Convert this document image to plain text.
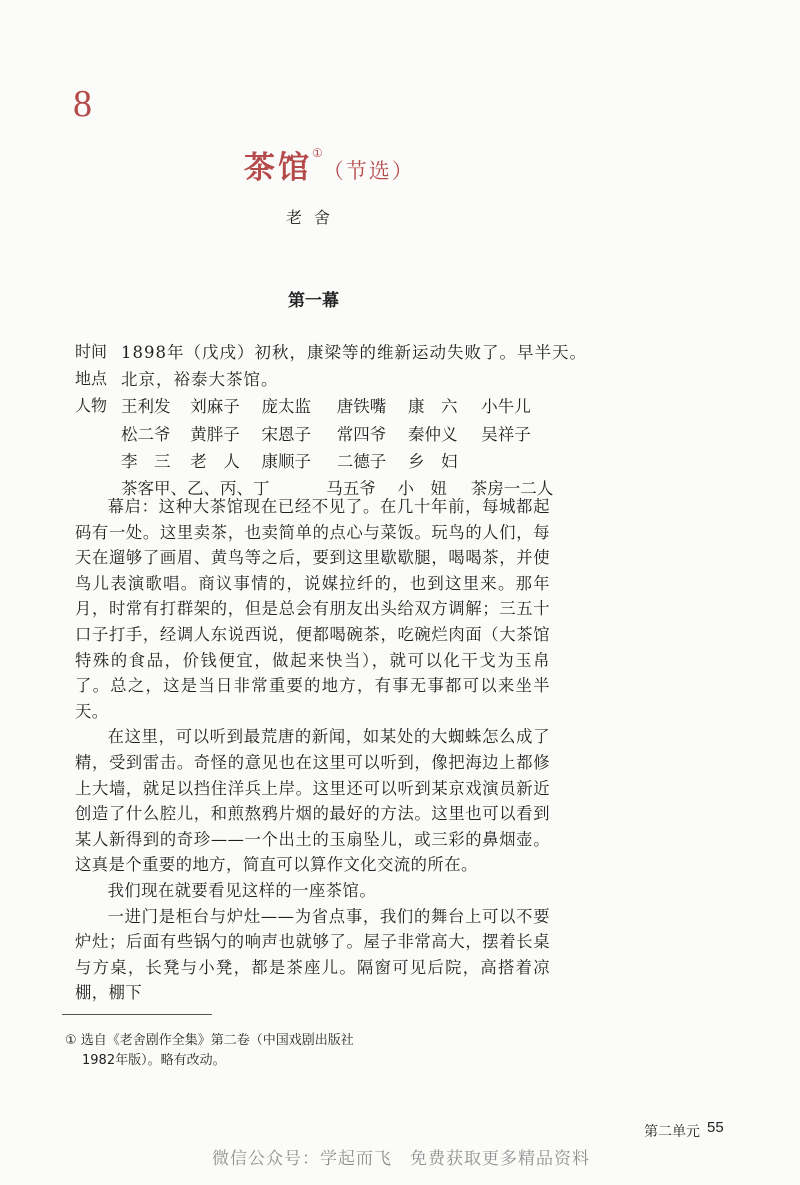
8
茶馆①（节选）
老舍
第一幕
时间 1898年（戊戌）初秋，康梁等的维新运动失败了。早半天。
地点 北京，裕泰大茶馆。
人物 王利发 刘麻子 庞太监 唐铁嘴 康　六 小牛儿
松二爷 黄胖子 宋恩子 常四爷 秦仲义 吴祥子
李　三 老　人 康顺子 二德子 乡　妇
茶客甲、乙、丙、丁	马五爷 小　妞 茶房一二人

幕启：这种大茶馆现在已经不见了。在几十年前，每城都起码有一处。这里卖茶，也卖简单的点心与菜饭。玩鸟的人们，每天在遛够了画眉、黄鸟等之后，要到这里歇歇腿，喝喝茶，并使鸟儿表演歌唱。商议事情的，说媒拉纤的，也到这里来。那年月，时常有打群架的，但是总会有朋友出头给双方调解；三五十口子打手，经调人东说西说，便都喝碗茶，吃碗烂肉面（大茶馆特殊的食品，价钱便宜，做起来快当），就可以化干戈为玉帛了。总之，这是当日非常重要的地方，有事无事都可以来坐半天。

在这里，可以听到最荒唐的新闻，如某处的大蜘蛛怎么成了精，受到雷击。奇怪的意见也在这里可以听到，像把海边上都修上大墙，就足以挡住洋兵上岸。这里还可以听到某京戏演员新近创造了什么腔儿，和煎熬鸦片烟的最好的方法。这里也可以看到某人新得到的奇珍——一个出土的玉扇坠儿，或三彩的鼻烟壶。这真是个重要的地方，简直可以算作文化交流的所在。

我们现在就要看见这样的一座茶馆。

一进门是柜台与炉灶——为省点事，我们的舞台上可以不要炉灶；后面有些锅勺的响声也就够了。屋子非常高大，摆着长桌与方桌，长凳与小凳，都是茶座儿。隔窗可见后院，高搭着凉棚，棚下

① 选自《老舍剧作全集》第二卷（中国戏剧出版社
1982年版）。略有改动。
第二单元 55
微信公众号：学起而飞　免费获取更多精品资料
